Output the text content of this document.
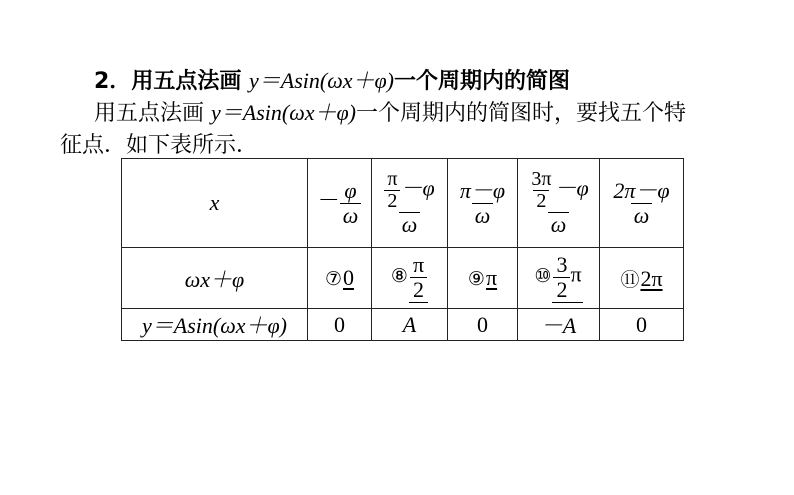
2．用五点法画 y＝Asin(ωx＋φ)一个周期内的简图
用五点法画 y＝Asin(ωx＋φ)一个周期内的简图时，要找五个特
征点．如下表所示．
x	－ $\frac{\varphi}{\omega}$	$\frac{\frac{\pi}{2} -\varphi}{\omega}$	$\frac{\pi-\varphi}{\omega}$	$\frac{\frac{3\pi}{2} -\varphi}{\omega}$	$\frac{2\pi-\varphi}{\omega}$

ωx＋φ	⑦0	⑧ $\frac{\pi}{2}$	⑨π	⑩ $\frac{3}{2}$ π	⑪2π
y＝Asin(ωx＋φ)	0	A	0	－A	0
